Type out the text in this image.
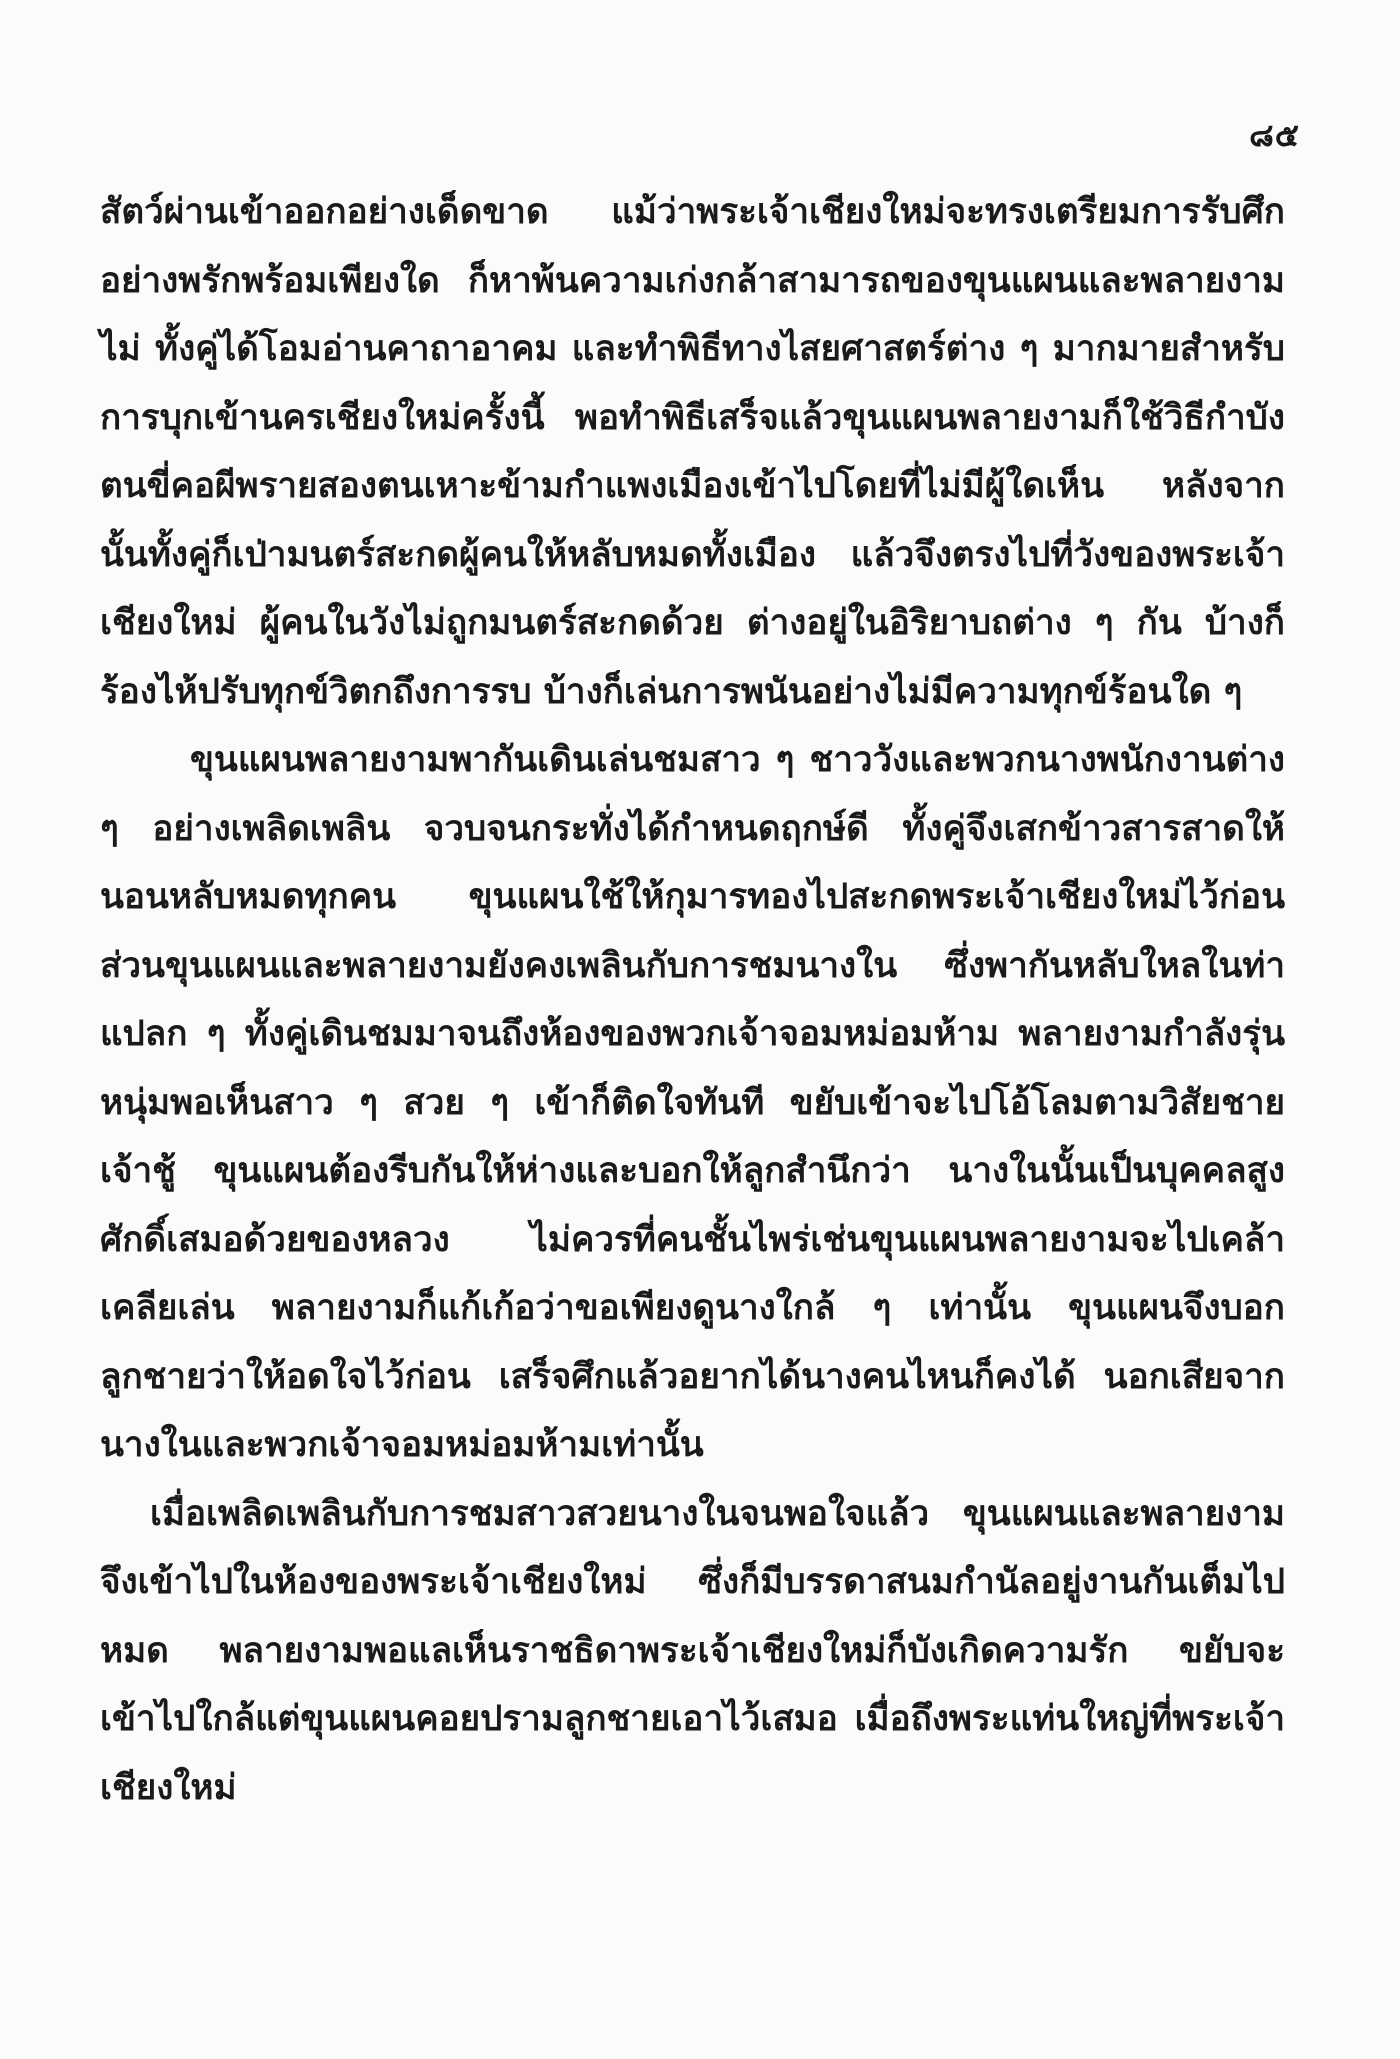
๘๕

สัตว์ผ่านเข้าออกอย่างเด็ดขาด แม้ว่าพระเจ้าเชียงใหม่จะทรงเตรียมการรับศึกอย่างพรักพร้อมเพียงใด ก็หาพ้นความเก่งกล้าสามารถของขุนแผนและพลายงามไม่ ทั้งคู่ได้โอมอ่านคาถาอาคม และทำพิธีทางไสยศาสตร์ต่าง ๆ มากมายสำหรับการบุกเข้านครเชียงใหม่ครั้งนี้ พอทำพิธีเสร็จแล้วขุนแผนพลายงามก็ใช้วิธีกำบังตนขี่คอผีพรายสองตนเหาะข้ามกำแพงเมืองเข้าไปโดยที่ไม่มีผู้ใดเห็น หลังจากนั้นทั้งคู่ก็เป่ามนตร์สะกดผู้คนให้หลับหมดทั้งเมือง แล้วจึงตรงไปที่วังของพระเจ้าเชียงใหม่ ผู้คนในวังไม่ถูกมนตร์สะกดด้วย ต่างอยู่ในอิริยาบถต่าง ๆ กัน บ้างก็ร้องไห้ปรับทุกข์วิตกถึงการรบ บ้างก็เล่นการพนันอย่างไม่มีความทุกข์ร้อนใด ๆ

ขุนแผนพลายงามพากันเดินเล่นชมสาว ๆ ชาววังและพวกนางพนักงานต่าง ๆ อย่างเพลิดเพลิน จวบจนกระทั่งได้กำหนดฤกษ์ดี ทั้งคู่จึงเสกข้าวสารสาดให้นอนหลับหมดทุกคน ขุนแผนใช้ให้กุมารทองไปสะกดพระเจ้าเชียงใหม่ไว้ก่อน ส่วนขุนแผนและพลายงามยังคงเพลินกับการชมนางใน ซึ่งพากันหลับใหลในท่าแปลก ๆ ทั้งคู่เดินชมมาจนถึงห้องของพวกเจ้าจอมหม่อมห้าม พลายงามกำลังรุ่นหนุ่มพอเห็นสาว ๆ สวย ๆ เข้าก็ติดใจทันที ขยับเข้าจะไปโอ้โลมตามวิสัยชายเจ้าชู้ ขุนแผนต้องรีบกันให้ห่างและบอกให้ลูกสำนึกว่า นางในนั้นเป็นบุคคลสูงศักดิ์เสมอด้วยของหลวง ไม่ควรที่คนชั้นไพร่เช่นขุนแผนพลายงามจะไปเคล้าเคลียเล่น พลายงามก็แก้เก้อว่าขอเพียงดูนางใกล้ ๆ เท่านั้น ขุนแผนจึงบอกลูกชายว่าให้อดใจไว้ก่อน เสร็จศึกแล้วอยากได้นางคนไหนก็คงได้ นอกเสียจากนางในและพวกเจ้าจอมหม่อมห้ามเท่านั้น

เมื่อเพลิดเพลินกับการชมสาวสวยนางในจนพอใจแล้ว ขุนแผนและพลายงามจึงเข้าไปในห้องของพระเจ้าเชียงใหม่ ซึ่งก็มีบรรดาสนมกำนัลอยู่งานกันเต็มไปหมด พลายงามพอแลเห็นราชธิดาพระเจ้าเชียงใหม่ก็บังเกิดความรัก ขยับจะเข้าไปใกล้แต่ขุนแผนคอยปรามลูกชายเอาไว้เสมอ เมื่อถึงพระแท่นใหญ่ที่พระเจ้าเชียงใหม่
